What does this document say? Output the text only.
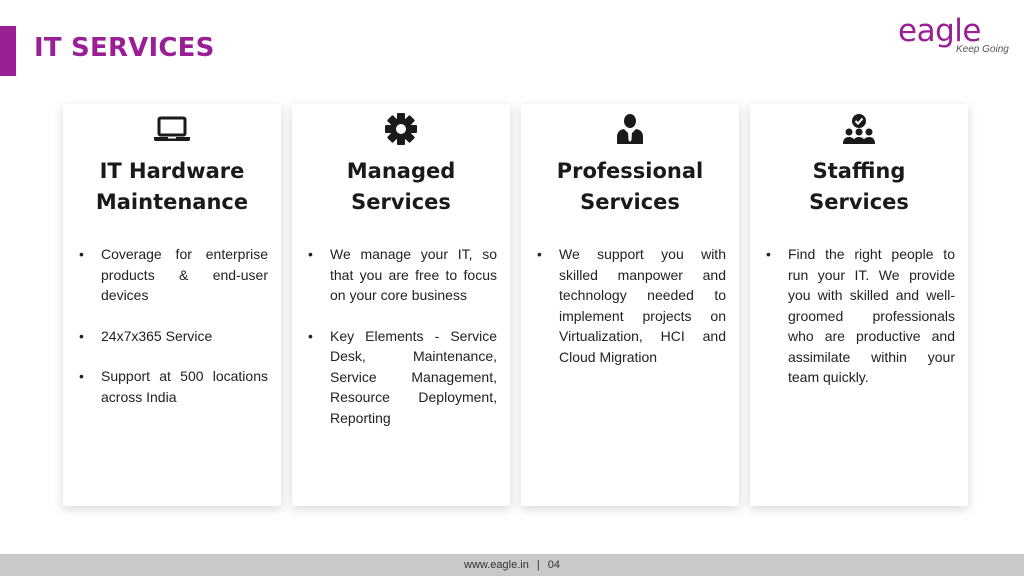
IT SERVICES	eagle
Keep Going
IT Hardware
Maintenance
• Coverage for enterprise products & end-user devices
• 24x7x365 Service
• Support at 500 locations across India
Managed
Services
• We manage your IT, so that you are free to focus on your core business
• Key Elements - Service Desk, Maintenance, Service Management, Resource Deployment, Reporting
Professional
Services
• We support you with skilled manpower and technology needed to implement projects on Virtualization, HCI and Cloud Migration
Staffing
Services
• Find the right people to run your IT. We provide you with skilled and well-groomed professionals who are productive and assimilate within your team quickly.
www.eagle.in | 04
